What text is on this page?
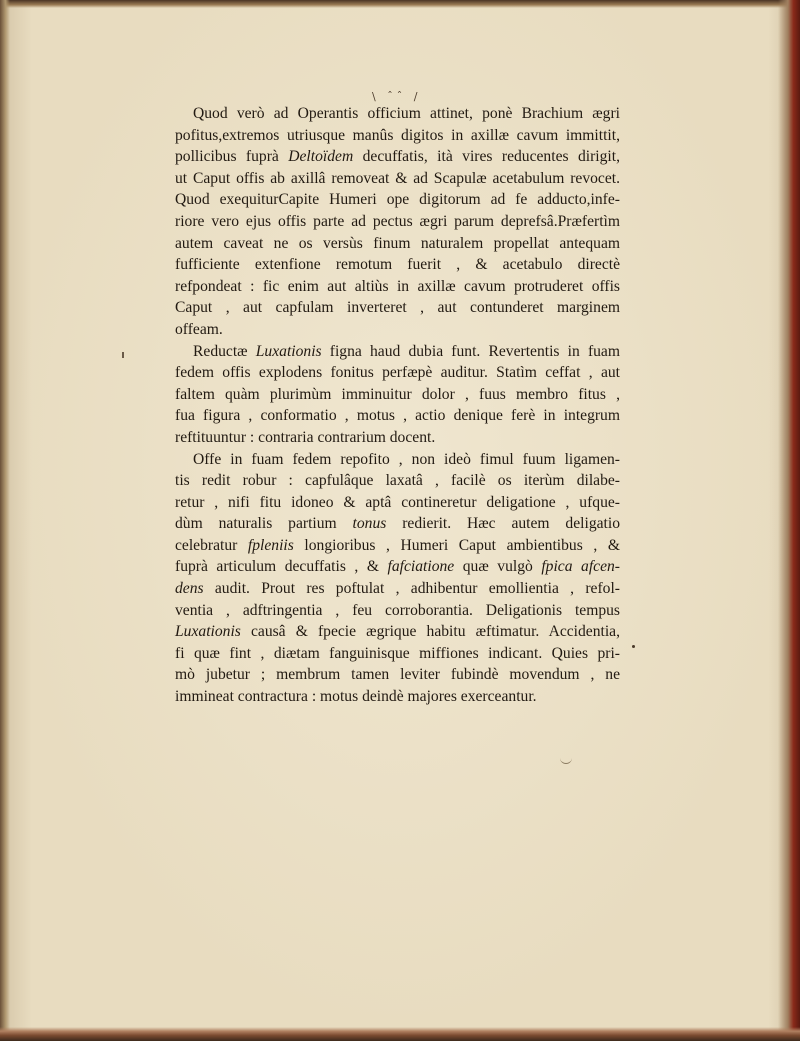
\ ˆˆ /
Quod verò ad Operantis officium attinet, ponè Brachium ægri
pofitus,extremos utriusque manûs digitos in axillæ cavum immittit,
pollicibus fuprà Deltoïdem decuffatis, ità vires reducentes dirigit,
ut Caput offis ab axillâ removeat & ad Scapulæ acetabulum revocet.
Quod exequiturCapite Humeri ope digitorum ad fe adducto,infe-
riore vero ejus offis parte ad pectus ægri parum deprefsâ.Præfertìm
autem caveat ne os versùs finum naturalem propellat antequam
fufficiente extenfione remotum fuerit , & acetabulo directè
refpondeat : fic enim aut altiùs in axillæ cavum protruderet offis
Caput , aut capfulam inverteret , aut contunderet marginem
offeam.
Reductæ Luxationis figna haud dubia funt. Revertentis in fuam
fedem offis explodens fonitus perfæpè auditur. Statìm ceffat , aut
faltem quàm plurimùm imminuitur dolor , fuus membro fitus ,
fua figura , conformatio , motus , actio denique ferè in integrum
reftituuntur : contraria contrarium docent.
Offe in fuam fedem repofito , non ideò fimul fuum ligamen-
tis redit robur : capfulâque laxatâ , facilè os iterùm dilabe-
retur , nifi fitu idoneo & aptâ contineretur deligatione , ufque-
dùm naturalis partium tonus redierit. Hæc autem deligatio
celebratur fpleniis longioribus , Humeri Caput ambientibus , &
fuprà articulum decuffatis , & fafciatione quæ vulgò fpica afcen-
dens audit. Prout res poftulat , adhibentur emollientia , refol-
ventia , adftringentia , feu corroborantia. Deligationis tempus
Luxationis causâ & fpecie ægrique habitu æftimatur. Accidentia,
fi quæ fint , diætam fanguinisque miffiones indicant. Quies pri-
mò jubetur ; membrum tamen leviter fubindè movendum , ne
immineat contractura : motus deindè majores exerceantur.
